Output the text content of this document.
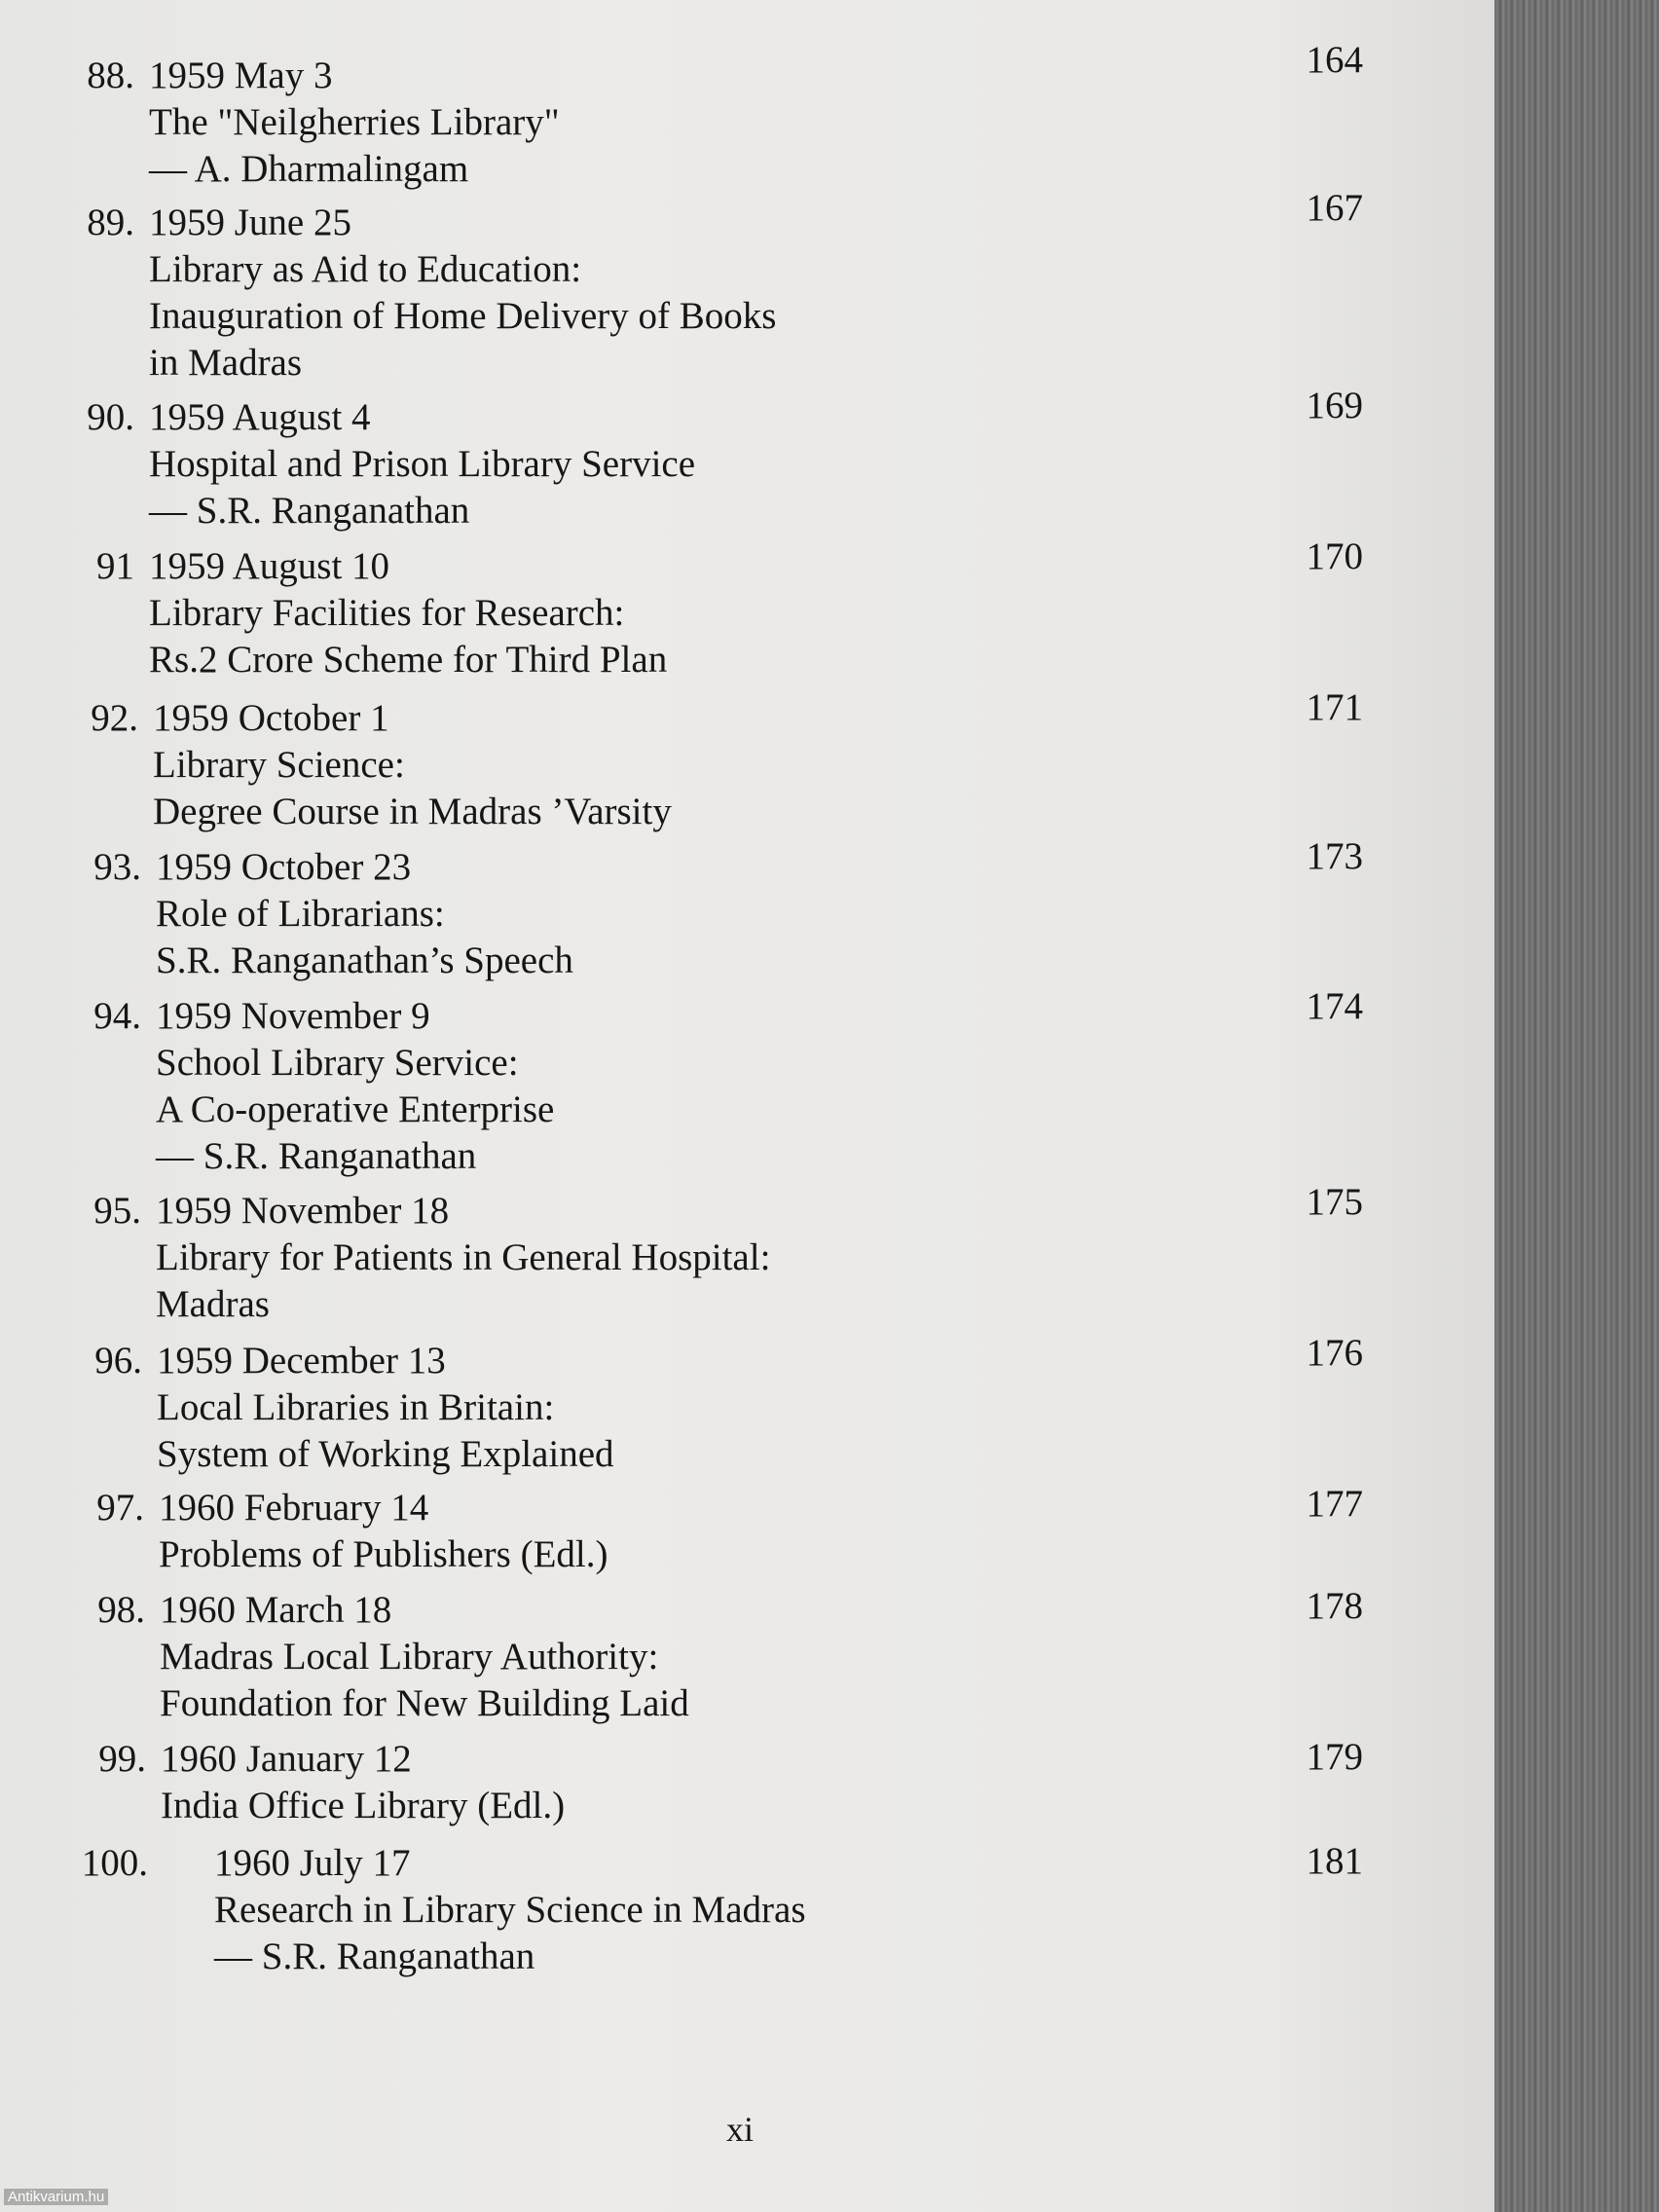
88. 1959 May 3
The "Neilgherries Library"
— A. Dharmalingam
164
89. 1959 June 25
Library as Aid to Education:
Inauguration of Home Delivery of Books
in Madras
167
90. 1959 August 4
Hospital and Prison Library Service
— S.R. Ranganathan
169
91 1959 August 10
Library Facilities for Research:
Rs.2 Crore Scheme for Third Plan
170
92. 1959 October 1
Library Science:
Degree Course in Madras ’Varsity
171
93. 1959 October 23
Role of Librarians:
S.R. Ranganathan’s Speech
173
94. 1959 November 9
School Library Service:
A Co-operative Enterprise
— S.R. Ranganathan
174
95. 1959 November 18
Library for Patients in General Hospital:
Madras
175
96. 1959 December 13
Local Libraries in Britain:
System of Working Explained
176
97. 1960 February 14
Problems of Publishers (Edl.)
177
98. 1960 March 18
Madras Local Library Authority:
Foundation for New Building Laid
178
99. 1960 January 12
India Office Library (Edl.)
179
100. 1960 July 17
Research in Library Science in Madras
— S.R. Ranganathan
181
xi
Antikvarium.hu
